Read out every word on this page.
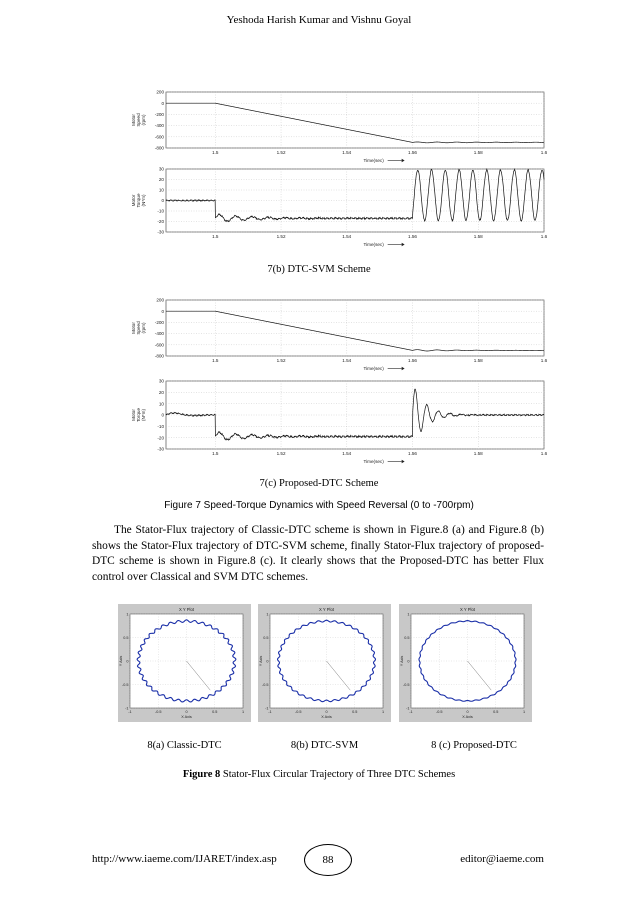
Yeshoda Harish Kumar and Vishnu Goyal
1.5	1.52	1.54	1.56	1.58	1.6
200
0
-200
-400
-600
-800
Motor Speed (rpm)
Time(sec)
1.5	1.52	1.54	1.56	1.58	1.6
30
20
10
0
-10
-20
-30
Motor Torque (N*m)
Time(sec)
7(b) DTC-SVM Scheme
1.5	1.52	1.54	1.56	1.58	1.6
200
0
-200
-400
-600
-800
Motor Speed (rpm)
Time(sec)
1.5	1.52	1.54	1.56	1.58	1.6
30
20
10
0
-10
-20
-30
Motor Torque (N*m)
Time(sec)
7(c) Proposed-DTC Scheme
Figure 7 Speed-Torque Dynamics with Speed Reversal (0 to -700rpm)

The Stator-Flux trajectory of Classic-DTC scheme is shown in Figure.8 (a) and Figure.8 (b) shows the Stator-Flux trajectory of DTC-SVM scheme, finally Stator-Flux trajectory of proposed-DTC scheme is shown in Figure.8 (c). It clearly shows that the Proposed-DTC has better Flux control over Classical and SVM DTC schemes.

X Y Plot
-1	-0.5	0	0.5	1
1
0.5
0
-0.5
-1
X Axis
Y Axis
X Y Plot
-1	-0.5	0	0.5	1
1
0.5
0
-0.5
-1
X Axis
Y Axis
X Y Plot
-1	-0.5	0	0.5	1
1
0.5
0
-0.5
-1
X Axis
Y Axis
8(a) Classic-DTC	8(b) DTC-SVM	8 (c) Proposed-DTC
Figure 8 Stator-Flux Circular Trajectory of Three DTC Schemes
http://www.iaeme.com/IJARET/index.asp	88	editor@iaeme.com
